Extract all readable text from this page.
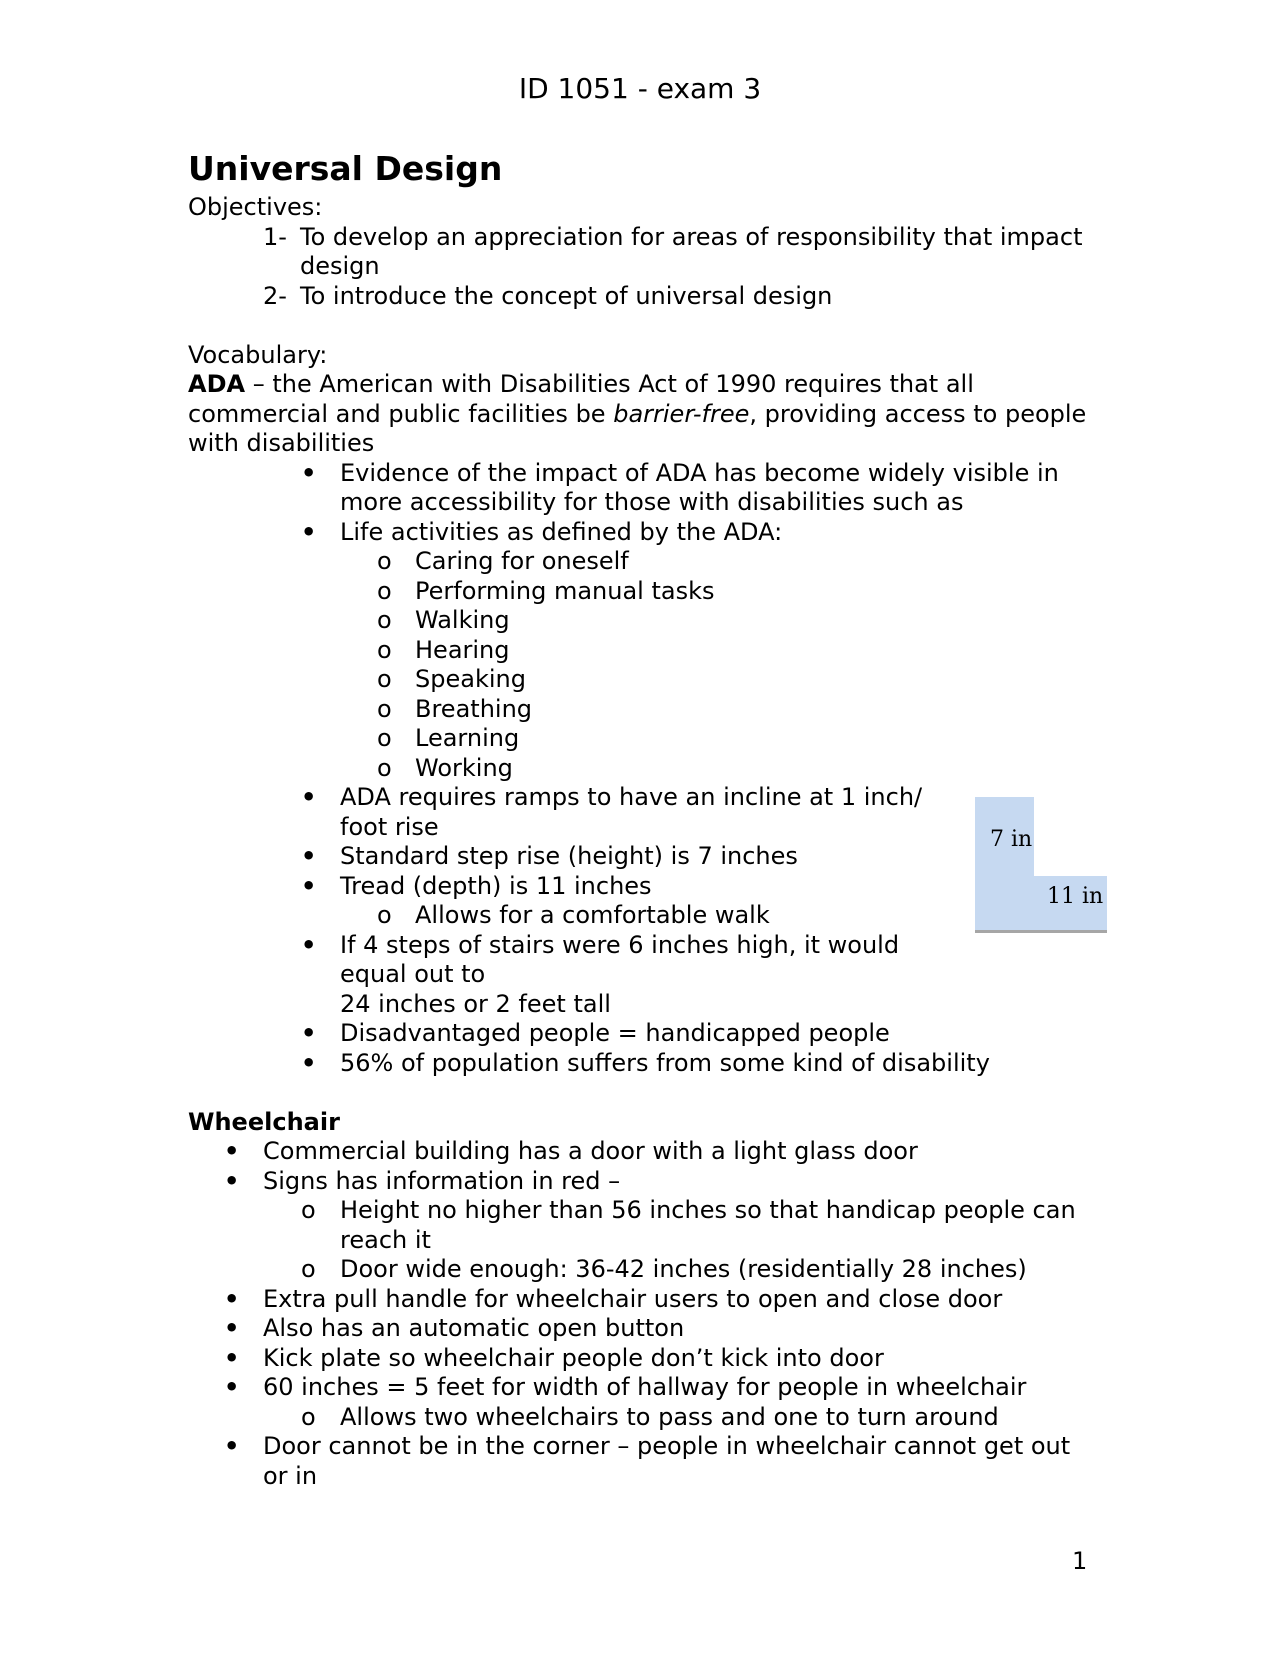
ID 1051 - exam 3
Universal Design

Objectives:

1- To develop an appreciation for areas of responsibility that impact design
2- To introduce the concept of universal design

Vocabulary:

ADA – the American with Disabilities Act of 1990 requires that all commercial and public facilities be barrier-free, providing access to people with disabilities

• Evidence of the impact of ADA has become widely visible in more accessibility for those with disabilities such as
• Life activities as defined by the ADA:
o Caring for oneself
o Performing manual tasks
o Walking
o Hearing
o Speaking
o Breathing
o Learning
o Working
• ADA requires ramps to have an incline at 1 inch/ foot rise
• Standard step rise (height) is 7 inches
• Tread (depth) is 11 inches
o Allows for a comfortable walk
• If 4 steps of stairs were 6 inches high, it would equal out to
24 inches or 2 feet tall
• Disadvantaged people = handicapped people
• 56% of population suffers from some kind of disability
Wheelchair
• Commercial building has a door with a light glass door
• Signs has information in red –
o Height no higher than 56 inches so that handicap people can reach it
o Door wide enough: 36-42 inches (residentially 28 inches)
• Extra pull handle for wheelchair users to open and close door
• Also has an automatic open button
• Kick plate so wheelchair people don’t kick into door
• 60 inches = 5 feet for width of hallway for people in wheelchair
o Allows two wheelchairs to pass and one to turn around
• Door cannot be in the corner – people in wheelchair cannot get out or in
7 in
11 in
1
